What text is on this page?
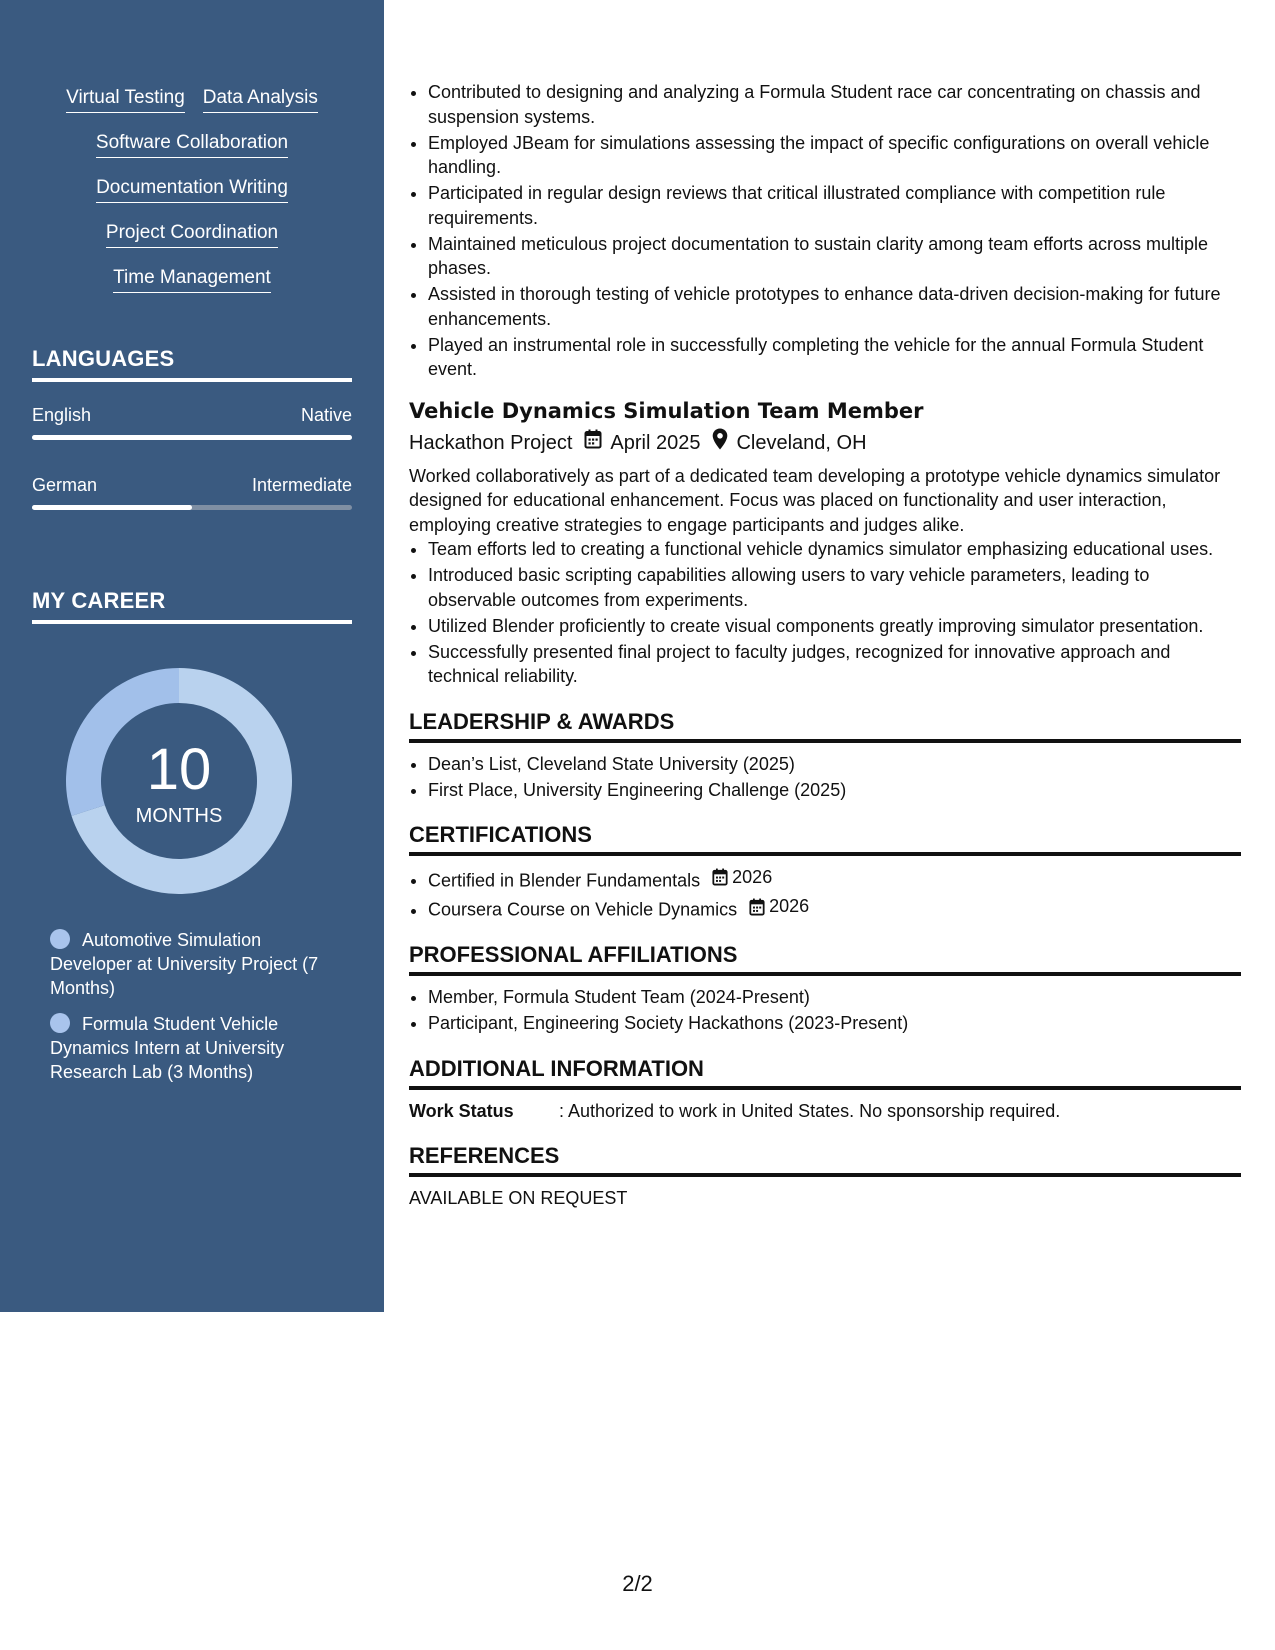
Virtual Testing Data Analysis
Software Collaboration
Documentation Writing
Project Coordination
Time Management
LANGUAGES
English	Native
German	Intermediate
MY CAREER
10
MONTHS
Automotive Simulation Developer at University Project (7 Months)
Formula Student Vehicle Dynamics Intern at University Research Lab (3 Months)
• Contributed to designing and analyzing a Formula Student race car concentrating on chassis and suspension systems.
• Employed JBeam for simulations assessing the impact of specific configurations on overall vehicle handling.
• Participated in regular design reviews that critical illustrated compliance with competition rule requirements.
• Maintained meticulous project documentation to sustain clarity among team efforts across multiple phases.
• Assisted in thorough testing of vehicle prototypes to enhance data-driven decision-making for future enhancements.
• Played an instrumental role in successfully completing the vehicle for the annual Formula Student event.
Vehicle Dynamics Simulation Team Member
Hackathon Project April 2025 Cleveland, OH
Worked collaboratively as part of a dedicated team developing a prototype vehicle dynamics simulator designed for educational enhancement. Focus was placed on functionality and user interaction, employing creative strategies to engage participants and judges alike.
• Team efforts led to creating a functional vehicle dynamics simulator emphasizing educational uses.
• Introduced basic scripting capabilities allowing users to vary vehicle parameters, leading to observable outcomes from experiments.
• Utilized Blender proficiently to create visual components greatly improving simulator presentation.
• Successfully presented final project to faculty judges, recognized for innovative approach and technical reliability.
LEADERSHIP & AWARDS
• Dean’s List, Cleveland State University (2025)
• First Place, University Engineering Challenge (2025)
CERTIFICATIONS
• Certified in Blender Fundamentals 2026
• Coursera Course on Vehicle Dynamics 2026
PROFESSIONAL AFFILIATIONS
• Member, Formula Student Team (2024-Present)
• Participant, Engineering Society Hackathons (2023-Present)
ADDITIONAL INFORMATION
Work Status	: Authorized to work in United States. No sponsorship required.
REFERENCES
AVAILABLE ON REQUEST
2/2
